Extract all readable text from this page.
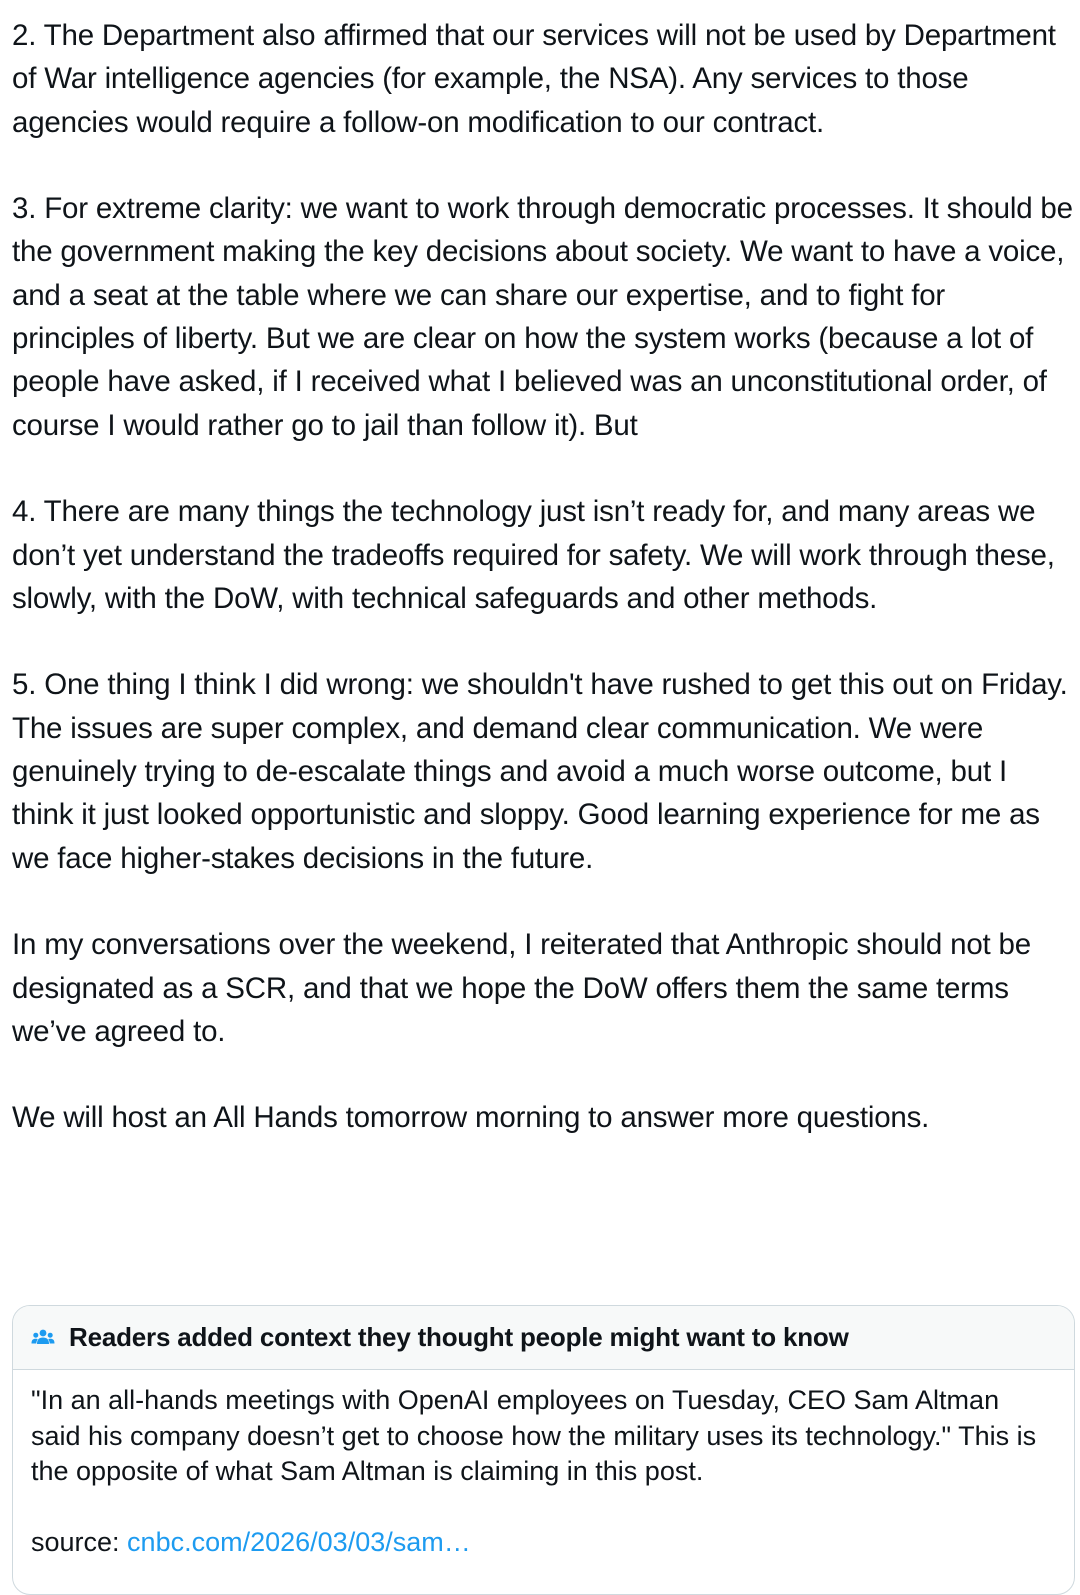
2. The Department also affirmed that our services will not be used by Department of War intelligence agencies (for example, the NSA). Any services to those agencies would require a follow-on modification to our contract.

3. For extreme clarity: we want to work through democratic processes. It should be the government making the key decisions about society. We want to have a voice, and a seat at the table where we can share our expertise, and to fight for principles of liberty. But we are clear on how the system works (because a lot of people have asked, if I received what I believed was an unconstitutional order, of course I would rather go to jail than follow it). But

4. There are many things the technology just isn’t ready for, and many areas we don’t yet understand the tradeoffs required for safety. We will work through these, slowly, with the DoW, with technical safeguards and other methods.

5. One thing I think I did wrong: we shouldn't have rushed to get this out on Friday. The issues are super complex, and demand clear communication. We were genuinely trying to de-escalate things and avoid a much worse outcome, but I think it just looked opportunistic and sloppy. Good learning experience for me as we face higher-stakes decisions in the future.

In my conversations over the weekend, I reiterated that Anthropic should not be designated as a SCR, and that we hope the DoW offers them the same terms we’ve agreed to.

We will host an All Hands tomorrow morning to answer more questions.

Readers added context they thought people might want to know

"In an all-hands meetings with OpenAI employees on Tuesday, CEO Sam Altman said his company doesn’t get to choose how the military uses its technology." This is the opposite of what Sam Altman is claiming in this post.

source: cnbc.com/2026/03/03/sam…
